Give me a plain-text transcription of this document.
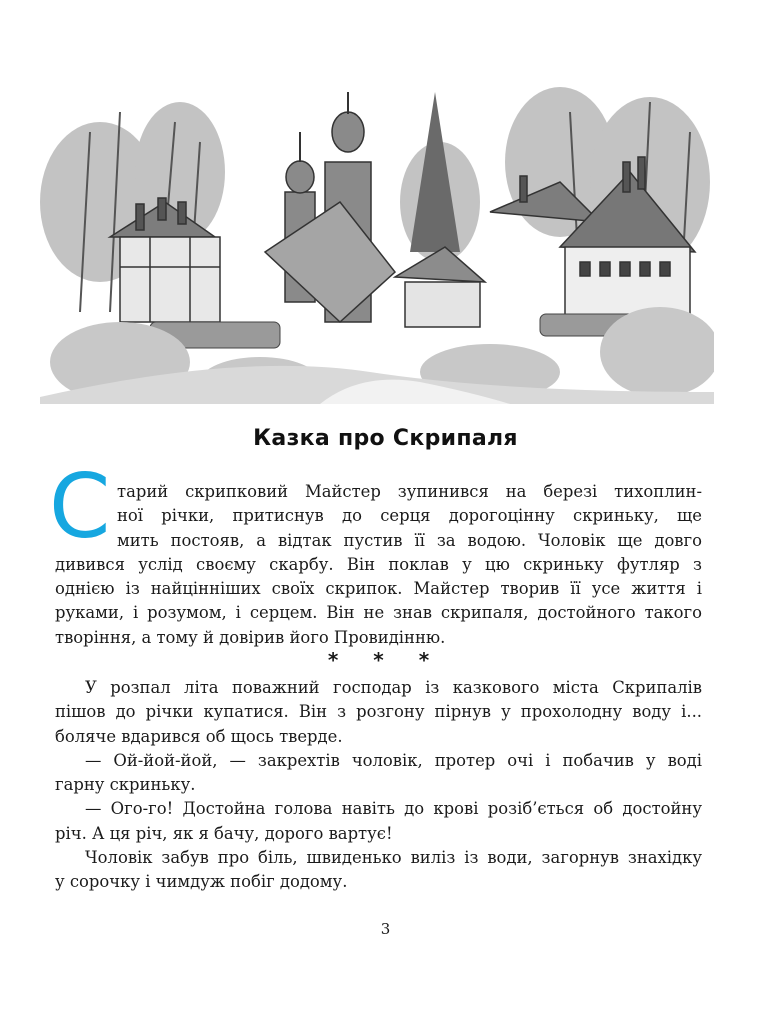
Казка про Скрипаля
С тарий скрипковий Майстер зупинився на березі тихоплин-
ної річки, притиснув до серця дорогоцінну скриньку, ще
мить постояв, а відтак пустив її за водою. Чоловік ще довго
дивився услід своєму скарбу. Він поклав у цю скриньку футляр з
однією із найцінніших своїх скрипок. Майстер творив її усе життя і
руками, і розумом, і серцем. Він не знав скрипаля, достойного такого
творіння, а тому й довірив його Провидінню.
* * *
У розпал літа поважний господар із казкового міста Скрипалів
пішов до річки купатися. Він з розгону пірнув у прохолодну воду і...
боляче вдарився об щось тверде.
— Ой-йой-йой, — закрехтів чоловік, протер очі і побачив у воді
гарну скриньку.
— Ого-го! Достойна голова навіть до крові розіб’ється об достойну
річ. А ця річ, як я бачу, дорого вартує!
Чоловік забув про біль, швиденько виліз із води, загорнув знахідку
у сорочку і чимдуж побіг додому.
3
